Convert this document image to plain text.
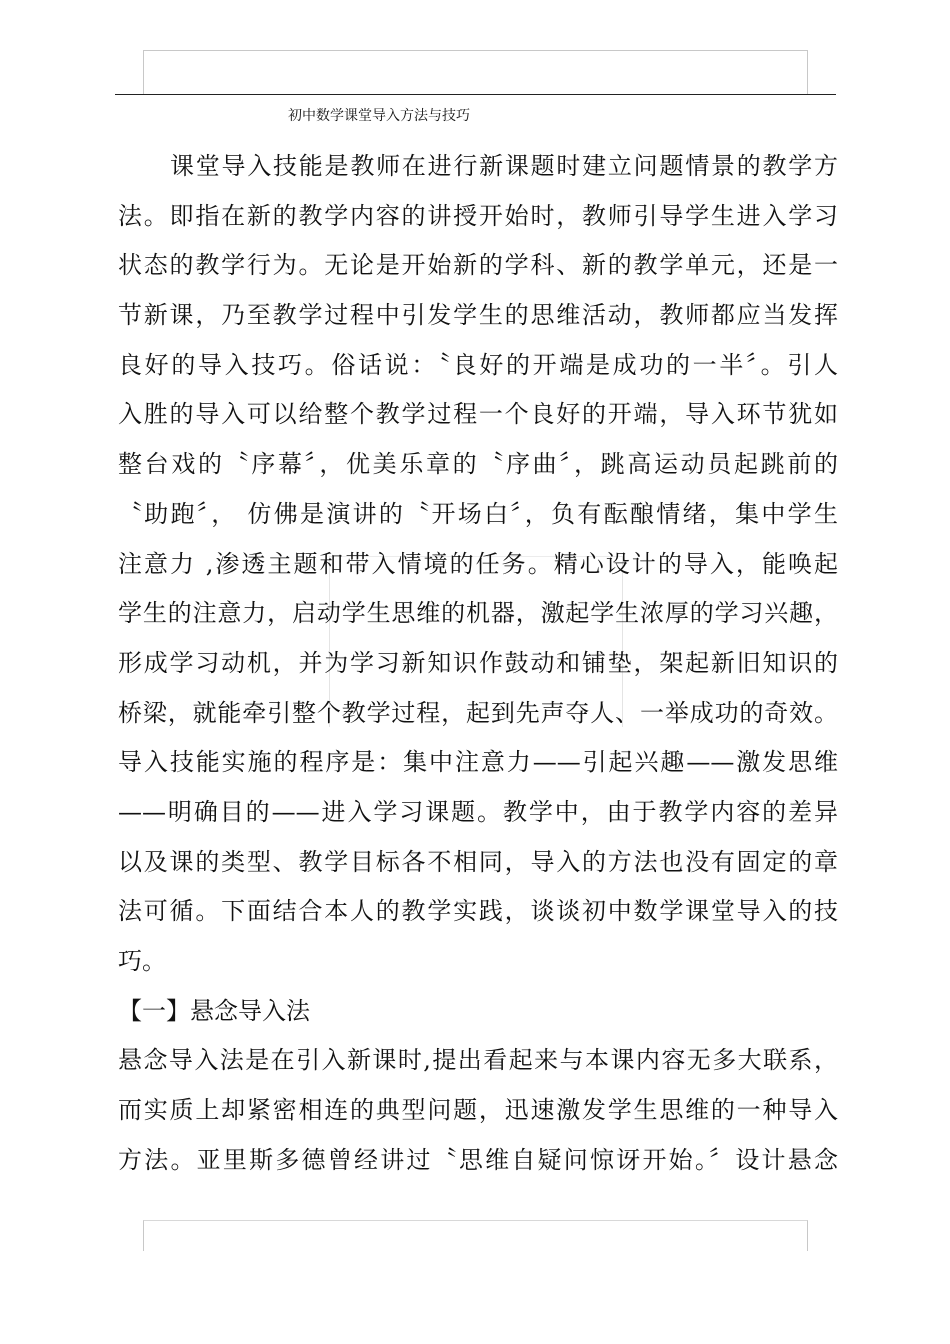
初中数学课堂导入方法与技巧
课堂导入技能是教师在进行新课题时建立问题情景的教学方
法。即指在新的教学内容的讲授开始时，教师引导学生进入学习
状态的教学行为。无论是开始新的学科、新的教学单元，还是一
节新课，乃至教学过程中引发学生的思维活动，教师都应当发挥
良好的导入技巧。俗话说：〝良好的开端是成功的一半〞。引人
入胜的导入可以给整个教学过程一个良好的开端，导入环节犹如
整台戏的〝序幕〞，优美乐章的〝序曲〞，跳高运动员起跳前的
〝助跑〞， 仿佛是演讲的〝开场白〞，负有酝酿情绪，集中学生
注意力 ,渗透主题和带入情境的任务。精心设计的导入，能唤起
学生的注意力，启动学生思维的机器，激起学生浓厚的学习兴趣，
形成学习动机，并为学习新知识作鼓动和铺垫，架起新旧知识的
桥梁，就能牵引整个教学过程，起到先声夺人、一举成功的奇效。
导入技能实施的程序是：集中注意力——引起兴趣——激发思维
——明确目的——进入学习课题。教学中，由于教学内容的差异
以及课的类型、教学目标各不相同，导入的方法也没有固定的章
法可循。下面结合本人的教学实践，谈谈初中数学课堂导入的技
巧。
【一】悬念导入法
悬念导入法是在引入新课时,提出看起来与本课内容无多大联系，
而实质上却紧密相连的典型问题，迅速激发学生思维的一种导入
方法。亚里斯多德曾经讲过〝思维自疑问惊讶开始。〞设计悬念
